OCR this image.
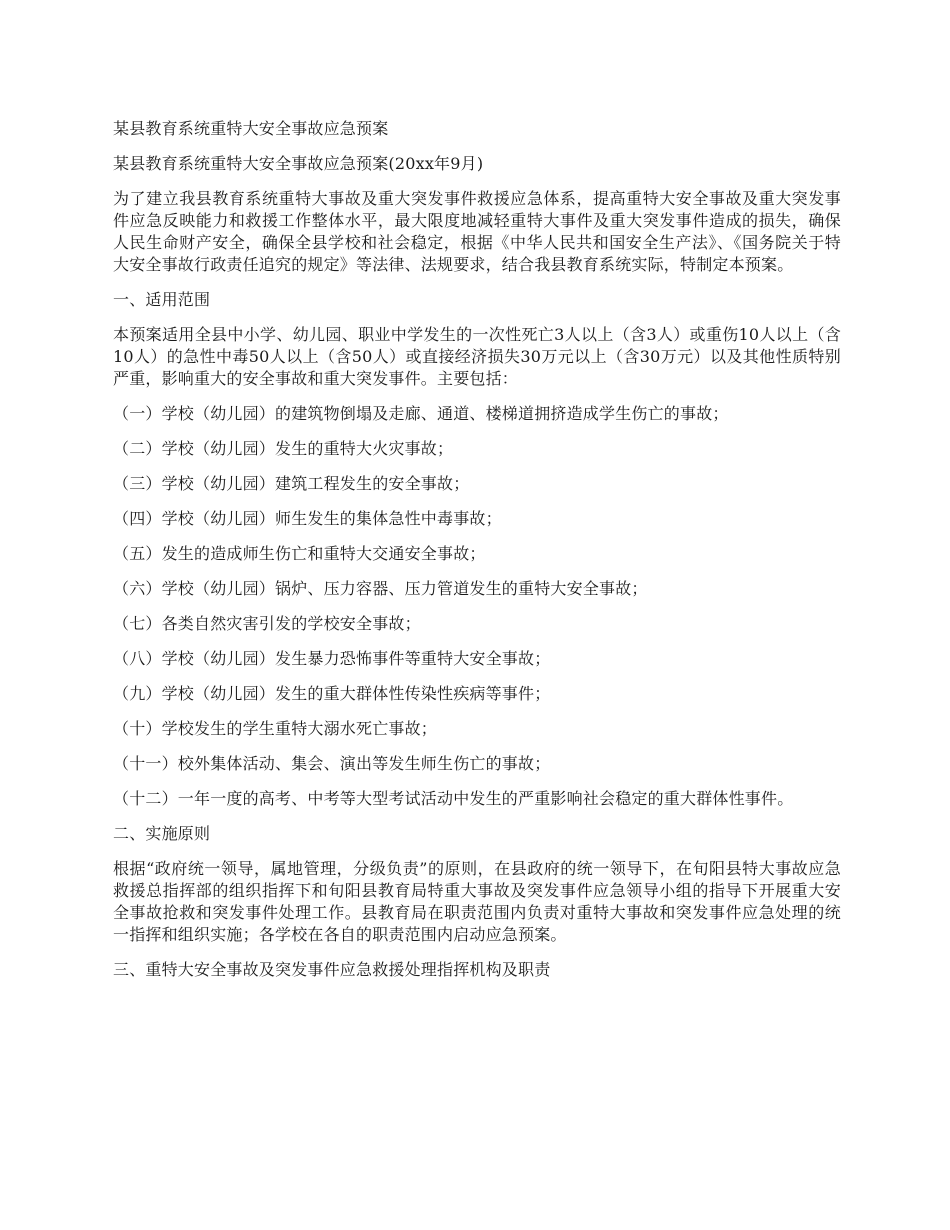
某县教育系统重特大安全事故应急预案

某县教育系统重特大安全事故应急预案(20xx年9月)

为了建立我县教育系统重特大事故及重大突发事件救援应急体系，提高重特大安全事故及重大突发事件应急反映能力和救援工作整体水平，最大限度地减轻重特大事件及重大突发事件造成的损失，确保人民生命财产安全，确保全县学校和社会稳定，根据《中华人民共和国安全生产法》、《国务院关于特大安全事故行政责任追究的规定》等法律、法规要求，结合我县教育系统实际，特制定本预案。

一、适用范围

本预案适用全县中小学、幼儿园、职业中学发生的一次性死亡3人以上（含3人）或重伤10人以上（含10人）的急性中毒50人以上（含50人）或直接经济损失30万元以上（含30万元）以及其他性质特别严重，影响重大的安全事故和重大突发事件。主要包括：

（一）学校（幼儿园）的建筑物倒塌及走廊、通道、楼梯道拥挤造成学生伤亡的事故；

（二）学校（幼儿园）发生的重特大火灾事故；

（三）学校（幼儿园）建筑工程发生的安全事故；

（四）学校（幼儿园）师生发生的集体急性中毒事故；

（五）发生的造成师生伤亡和重特大交通安全事故；

（六）学校（幼儿园）锅炉、压力容器、压力管道发生的重特大安全事故；

（七）各类自然灾害引发的学校安全事故；

（八）学校（幼儿园）发生暴力恐怖事件等重特大安全事故；

（九）学校（幼儿园）发生的重大群体性传染性疾病等事件；

（十）学校发生的学生重特大溺水死亡事故；

（十一）校外集体活动、集会、演出等发生师生伤亡的事故；

（十二）一年一度的高考、中考等大型考试活动中发生的严重影响社会稳定的重大群体性事件。

二、实施原则

根据“政府统一领导，属地管理，分级负责”的原则，在县政府的统一领导下，在旬阳县特大事故应急救援总指挥部的组织指挥下和旬阳县教育局特重大事故及突发事件应急领导小组的指导下开展重大安全事故抢救和突发事件处理工作。县教育局在职责范围内负责对重特大事故和突发事件应急处理的统一指挥和组织实施；各学校在各自的职责范围内启动应急预案。

三、重特大安全事故及突发事件应急救援处理指挥机构及职责
